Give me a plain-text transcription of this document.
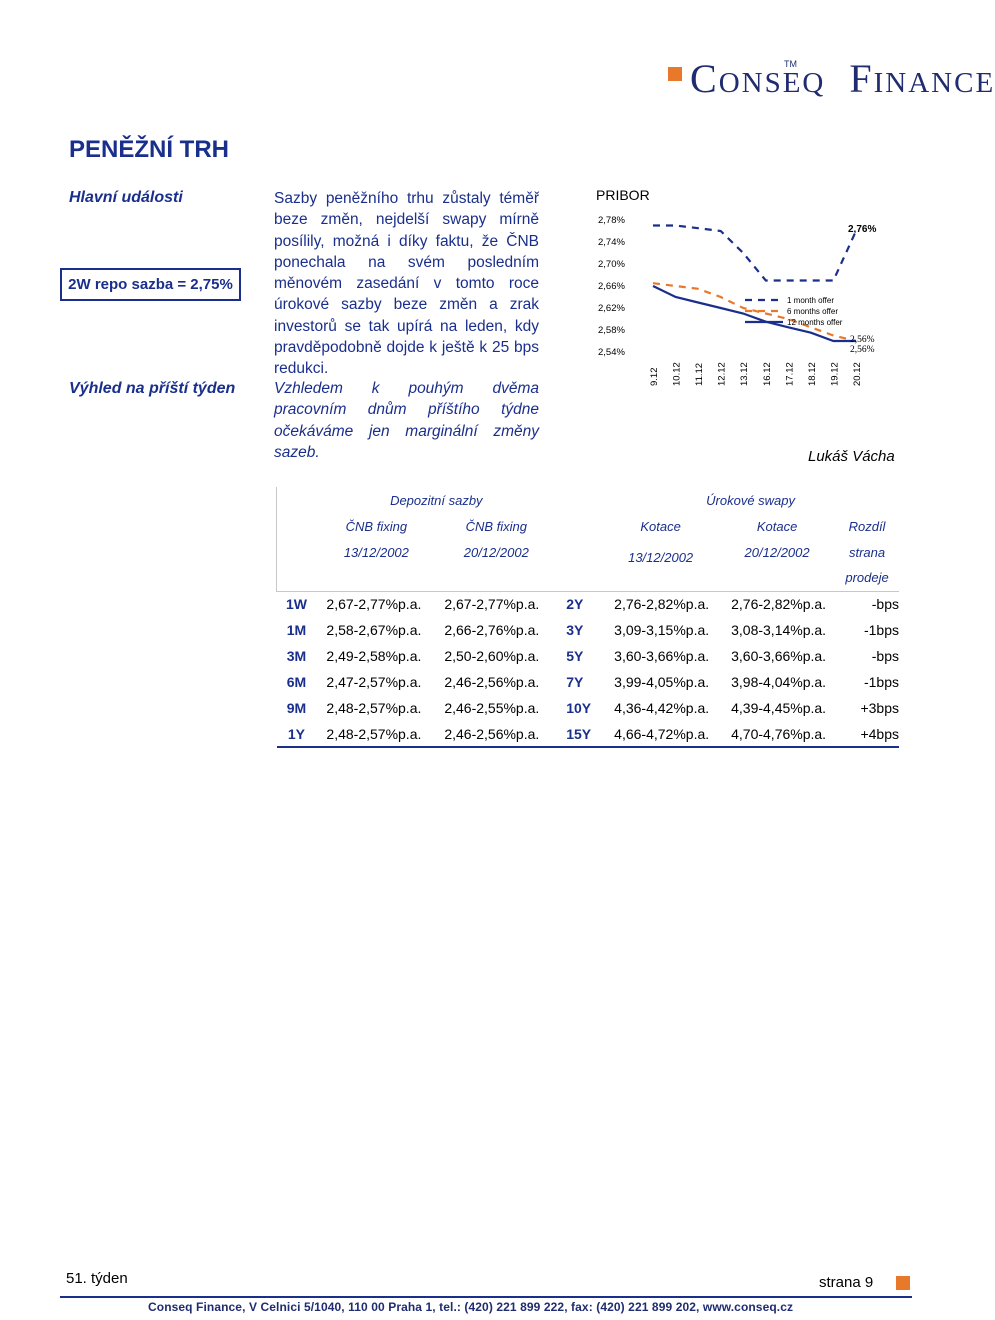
CONSEQ FINANCE
TM
PENĚŽNÍ TRH
Hlavní události
2W repo sazba = 2,75%
Výhled na příští týden
Sazby peněžního trhu zůstaly téměř beze změn, nejdelší swapy mírně posílily, možná i díky faktu, že ČNB ponechala na svém posledním měnovém zasedání v tomto roce úrokové sazby beze změn a zrak investorů se tak upírá na leden, kdy pravděpodobně dojde k ještě k 25 bps redukci.
Vzhledem k pouhým dvěma pracovním dnům příštího týdne očekáváme jen marginální změny sazeb.
PRIBOR
2,78%
2,74%
2,70%
2,66%
2,62%
2,58%
2,54%
9.12 10.12 11.12 12.12 13.12 16.12 17.12 18.12 19.12 20.12
1 month offer
6 months offer
12 months offer
2,76%
2,56%
2,56%
Lukáš Vácha
	Depozitní sazby			Úrokové swapy		
	ČNB fixing	ČNB fixing		Kotace	Kotace	Rozdíl
	13/12/2002	20/12/2002		13/12/2002	20/12/2002	strana
						prodeje
1W	2,67-2,77%p.a.	2,67-2,77%p.a.	2Y	2,76-2,82%p.a.	2,76-2,82%p.a.	-bps
1M	2,58-2,67%p.a.	2,66-2,76%p.a.	3Y	3,09-3,15%p.a.	3,08-3,14%p.a.	-1bps
3M	2,49-2,58%p.a.	2,50-2,60%p.a.	5Y	3,60-3,66%p.a.	3,60-3,66%p.a.	-bps
6M	2,47-2,57%p.a.	2,46-2,56%p.a.	7Y	3,99-4,05%p.a.	3,98-4,04%p.a.	-1bps
9M	2,48-2,57%p.a.	2,46-2,55%p.a.	10Y	4,36-4,42%p.a.	4,39-4,45%p.a.	+3bps
1Y	2,48-2,57%p.a.	2,46-2,56%p.a.	15Y	4,66-4,72%p.a.	4,70-4,76%p.a.	+4bps
51. týden	strana 9
Conseq Finance, V Celnici 5/1040, 110 00 Praha 1, tel.: (420) 221 899 222, fax: (420) 221 899 202, www.conseq.cz
